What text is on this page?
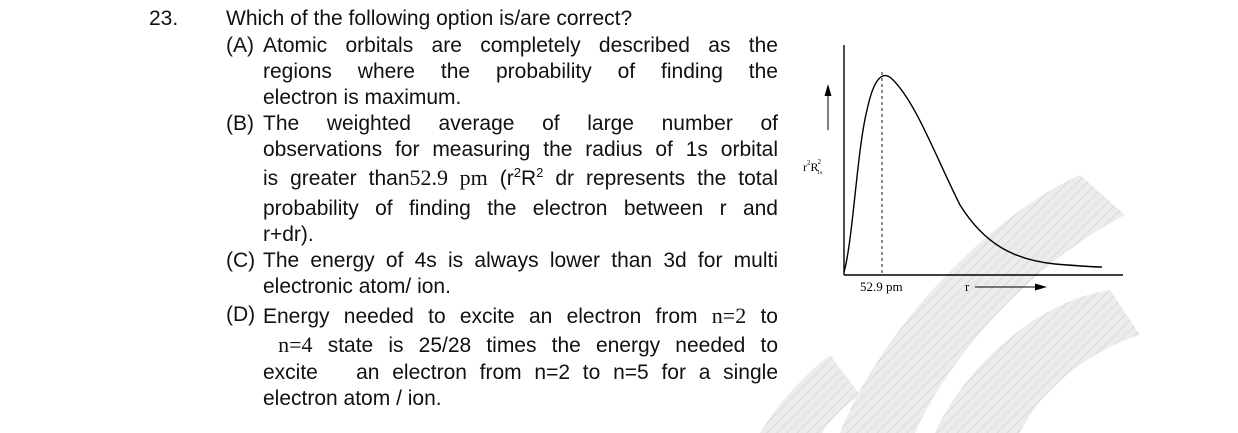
23. Which of the following option is/are correct?
(A) Atomic orbitals are completely described as the
regions where the probability of finding the
electron is maximum.
(B) The weighted average of large number of
observations for measuring the radius of 1s orbital
is greater than52.9 pm ($r^2R^2$ dr represents the total
probability of finding the electron between r and
r+dr).
(C) The energy of 4s is always lower than 3d for multi
electronic atom/ ion.
(D) Energy needed to excite an electron from n=2 to
n=4 state is 25/28 times the energy needed to
excite   an electron from n=2 to n=5 for a single
electron atom / ion.
$r^2R2$ 1s
52.9 pm	r
